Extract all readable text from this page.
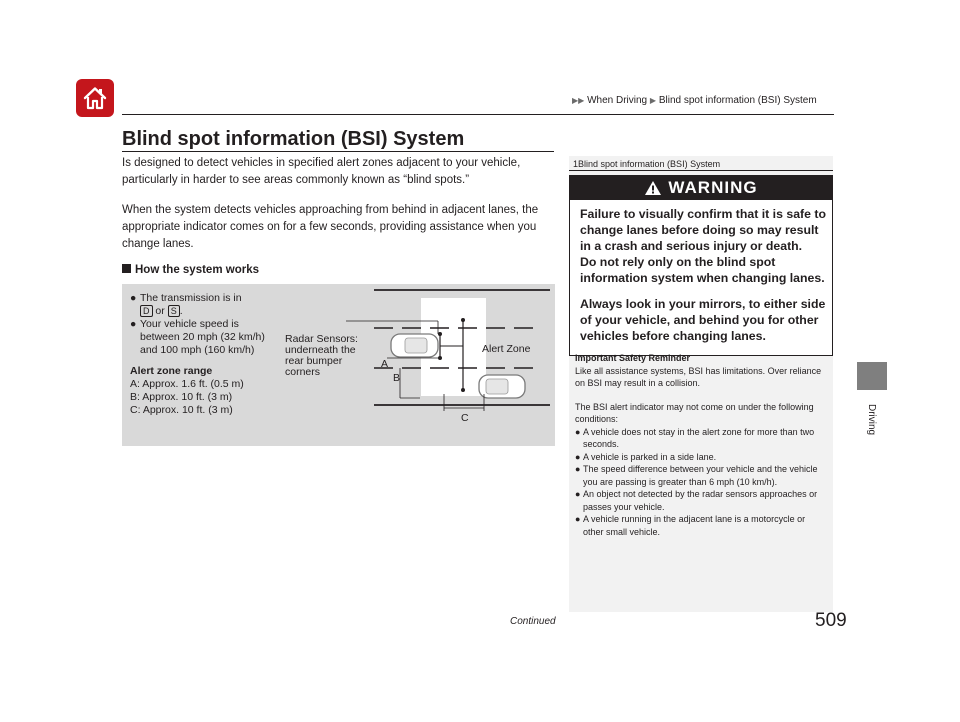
▶▶ When Driving ▶ Blind spot information (BSI) System
Blind spot information (BSI) System
Is designed to detect vehicles in specified alert zones adjacent to your vehicle, particularly in harder to see areas commonly known as “blind spots.”
When the system detects vehicles approaching from behind in adjacent lanes, the appropriate indicator comes on for a few seconds, providing assistance when you change lanes.
How the system works
● The transmission is in
D or S .
● Your vehicle speed is between 20 mph (32 km/h) and 100 mph (160 km/h)
Alert zone range
A: Approx. 1.6 ft. (0.5 m)
B: Approx. 10 ft. (3 m)
C: Approx. 10 ft. (3 m)
Radar Sensors: underneath the rear bumper corners
Alert Zone
A
B
C
1Blind spot information (BSI) System
WARNING

Failure to visually confirm that it is safe to change lanes before doing so may result in a crash and serious injury or death.

Do not rely only on the blind spot information system when changing lanes.

Always look in your mirrors, to either side of your vehicle, and behind you for other vehicles before changing lanes.

Important Safety Reminder
Like all assistance systems, BSI has limitations. Over reliance on BSI may result in a collision.
The BSI alert indicator may not come on under the following conditions:
● A vehicle does not stay in the alert zone for more than two seconds.
● A vehicle is parked in a side lane.
● The speed difference between your vehicle and the vehicle you are passing is greater than 6 mph (10 km/h).
● An object not detected by the radar sensors approaches or passes your vehicle.
● A vehicle running in the adjacent lane is a motorcycle or other small vehicle.
Driving
Continued	509
